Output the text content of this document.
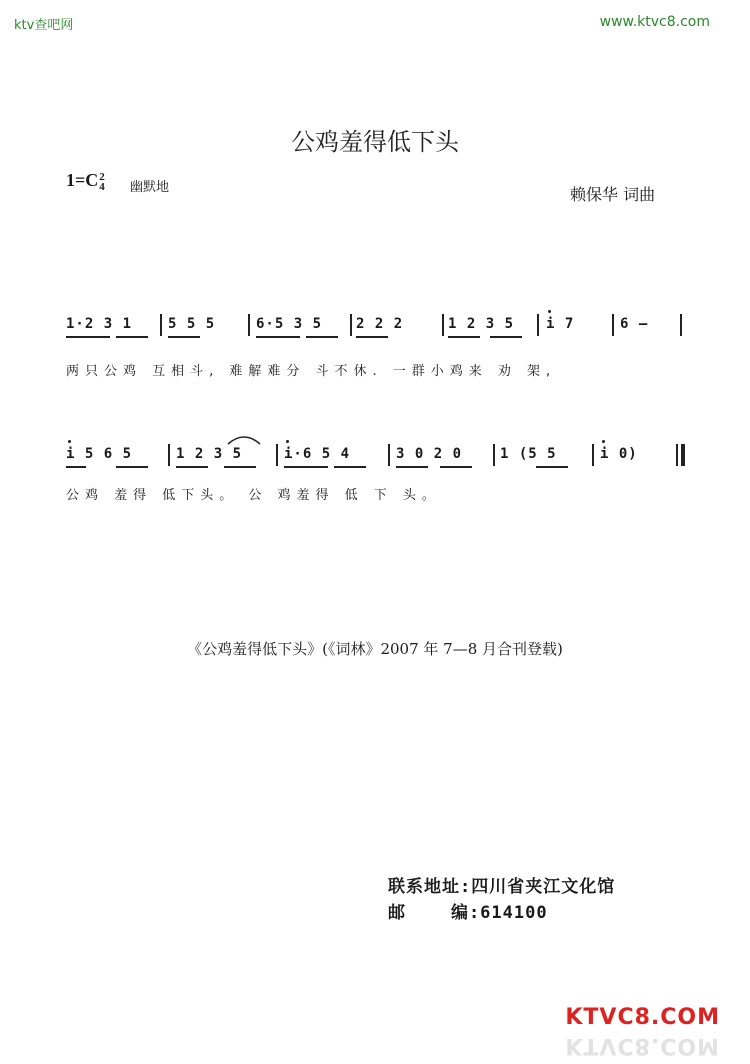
ktv查吧网	www.ktvc8.com
公鸡羞得低下头
1=C 2
4 幽默地	赖保华 词曲
1·2 3 1	5 5 5	6·5 3 5 2 2 2	1 2 3 5 i 7	6 –
两只公鸡 互相斗, 难解难分 斗不休. 一群小鸡来 劝 架,
i 5 6 5	1 2 3 5	i·6 5 4	3 0 2 0	1 (5 5	i 0)
公鸡 羞得 低下头。 公 鸡羞得 低 下 头。
《公鸡羞得低下头》(《词林》2007 年 7—8 月合刊登载)
联系地址:四川省夹江文化馆
邮    编:614100
KTVC8.COM
KTVC8.COM
